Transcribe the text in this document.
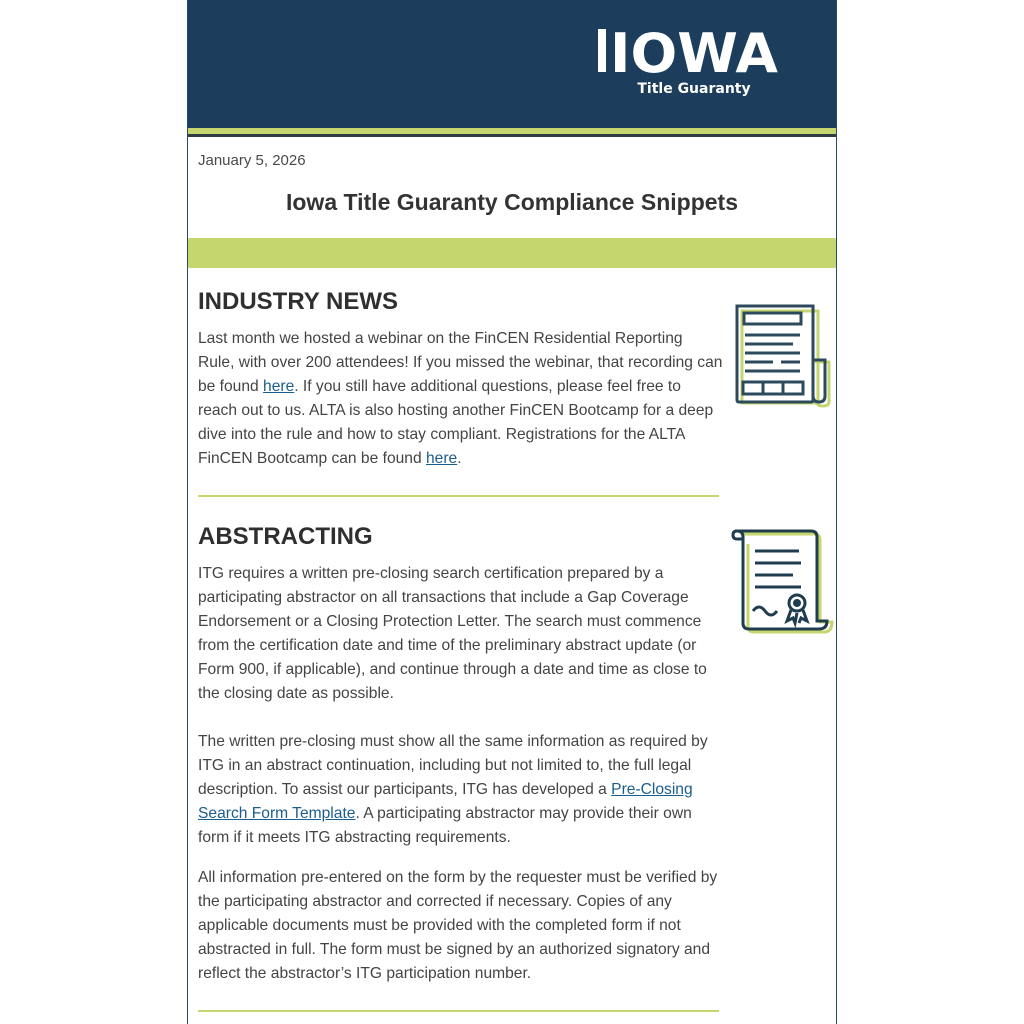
IOWA
Title Guaranty
January 5, 2026
Iowa Title Guaranty Compliance Snippets
INDUSTRY NEWS
Last month we hosted a webinar on the FinCEN Residential Reporting Rule, with over 200 attendees! If you missed the webinar, that recording can be found here. If you still have additional questions, please feel free to reach out to us. ALTA is also hosting another FinCEN Bootcamp for a deep dive into the rule and how to stay compliant. Registrations for the ALTA FinCEN Bootcamp can be found here.
ABSTRACTING
ITG requires a written pre-closing search certification prepared by a participating abstractor on all transactions that include a Gap Coverage Endorsement or a Closing Protection Letter. The search must commence from the certification date and time of the preliminary abstract update (or Form 900, if applicable), and continue through a date and time as close to the closing date as possible.
The written pre-closing must show all the same information as required by ITG in an abstract continuation, including but not limited to, the full legal description. To assist our participants, ITG has developed a Pre-Closing Search Form Template. A participating abstractor may provide their own form if it meets ITG abstracting requirements.
All information pre-entered on the form by the requester must be verified by the participating abstractor and corrected if necessary. Copies of any applicable documents must be provided with the completed form if not abstracted in full. The form must be signed by an authorized signatory and reflect the abstractor’s ITG participation number.
